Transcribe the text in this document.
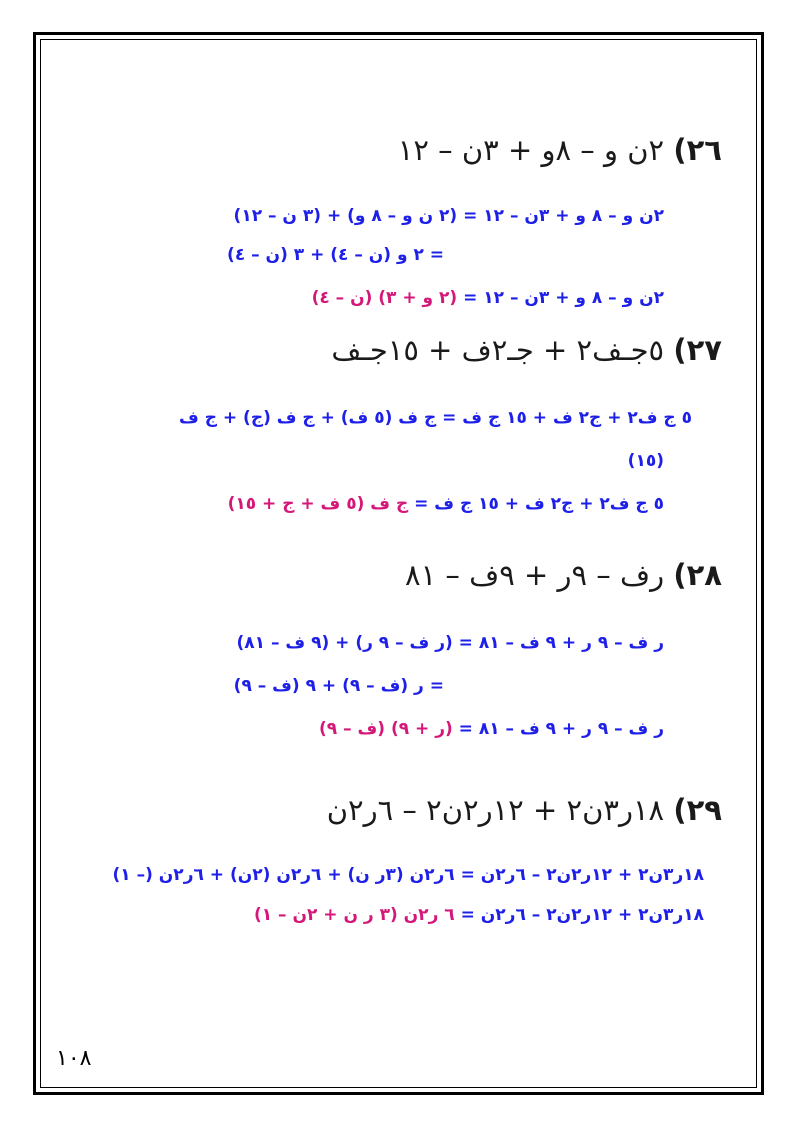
٢٦) ٢ن و – ٨و + ٣ن – ١٢
٢ن و – ٨ و + ٣ن – ١٢ = (٢ ن و – ٨ و) + (٣ ن – ١٢)
= ٢ و (ن – ٤) + ٣ (ن – ٤)
٢ن و – ٨ و + ٣ن – ١٢ = (٢ و + ٣) (ن – ٤)
٢٧) ٥جـف٢ + جـ٢ف + ١٥جـف
٥ ج ف٢ + ج٢ ف + ١٥ ج ف = ج ف (٥ ف) + ج ف (ج) + ج ف
(١٥)
٥ ج ف٢ + ج٢ ف + ١٥ ج ف = ج ف (٥ ف + ج + ١٥)
٢٨) رف – ٩ر + ٩ف – ٨١
ر ف – ٩ ر + ٩ ف – ٨١ = (ر ف – ٩ ر) + (٩ ف – ٨١)
= ر (ف – ٩) + ٩ (ف – ٩)
ر ف – ٩ ر + ٩ ف – ٨١ = (ر + ٩) (ف – ٩)
٢٩) ١٨ر٣ن٢ + ١٢ر٢ن٢ – ٦ر٢ن
١٨ر٣ن٢ + ١٢ر٢ن٢ – ٦ر٢ن = ٦ر٢ن (٣ر ن) + ٦ر٢ن (٢ن) + ٦ر٢ن (– ١)
١٨ر٣ن٢ + ١٢ر٢ن٢ – ٦ر٢ن = ٦ ر٢ن (٣ ر ن + ٢ن – ١)
١٠٨
